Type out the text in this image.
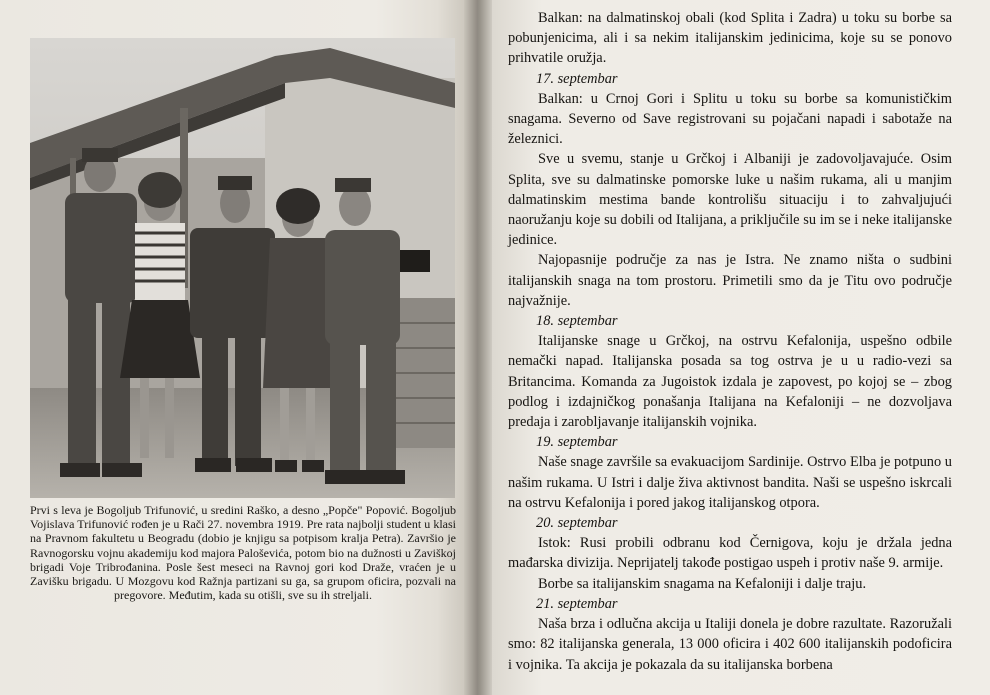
Prvi s leva je Bogoljub Trifunović, u sredini Raško, a desno „Popče" Popović. Bogoljub Vojislava Trifunović rođen je u Rači 27. novembra 1919. Pre rata najbolji student u klasi na Pravnom fakultetu u Beogradu (dobio je knjigu sa potpisom kralja Petra). Završio je Ravnogorsku vojnu akademiju kod majora Paloševića, potom bio na dužnosti u Zaviškoj brigadi Voje Tribrođanina. Posle šest meseci na Ravnoj gori kod Draže, vraćen je u Zavišku brigadu. U Mozgovu kod Ražnja partizani su ga, sa grupom oficira, pozvali na pregovore. Međutim, kada su otišli, sve su ih streljali.

Balkan: na dalmatinskoj obali (kod Splita i Zadra) u toku su borbe sa pobunjenicima, ali i sa nekim italijanskim jedinicima, koje su se ponovo prihvatile oružja.

17. septembar

Balkan: u Crnoj Gori i Splitu u toku su borbe sa komunističkim snagama. Severno od Save registrovani su pojačani napadi i sabotaže na železnici.

Sve u svemu, stanje u Grčkoj i Albaniji je zadovoljavajuće. Osim Splita, sve su dalmatinske pomorske luke u našim rukama, ali u manjim dalmatinskim mestima bande kontrolišu situaciju i to zahvaljujući naoružanju koje su dobili od Italijana, a priključile su im se i neke italijanske jedinice.

Najopasnije područje za nas je Istra. Ne znamo ništa o sudbini italijanskih snaga na tom prostoru. Primetili smo da je Titu ovo područje najvažnije.

18. septembar

Italijanske snage u Grčkoj, na ostrvu Kefalonija, uspešno odbile nemački napad. Italijanska posada sa tog ostrva je u u radio-vezi sa Britancima. Komanda za Jugoistok izdala je zapovest, po kojoj se – zbog podlog i izdajničkog ponašanja Italijana na Kefaloniji – ne dozvoljava predaja i zarobljavanje italijanskih vojnika.

19. septembar

Naše snage završile sa evakuacijom Sardinije. Ostrvo Elba je potpuno u našim rukama. U Istri i dalje živa aktivnost bandita. Naši se uspešno iskrcali na ostrvu Kefalonija i pored jakog italijanskog otpora.

20. septembar

Istok: Rusi probili odbranu kod Černigova, koju je držala jedna mađarska divizija. Neprijatelj takođe postigao uspeh i protiv naše 9. armije.

Borbe sa italijanskim snagama na Kefaloniji i dalje traju.

21. septembar

Naša brza i odlučna akcija u Italiji donela je dobre razultate. Razoružali smo: 82 italijanska generala, 13 000 oficira i 402 600 italijanskih podoficira i vojnika. Ta akcija je pokazala da su italijanska borbena
